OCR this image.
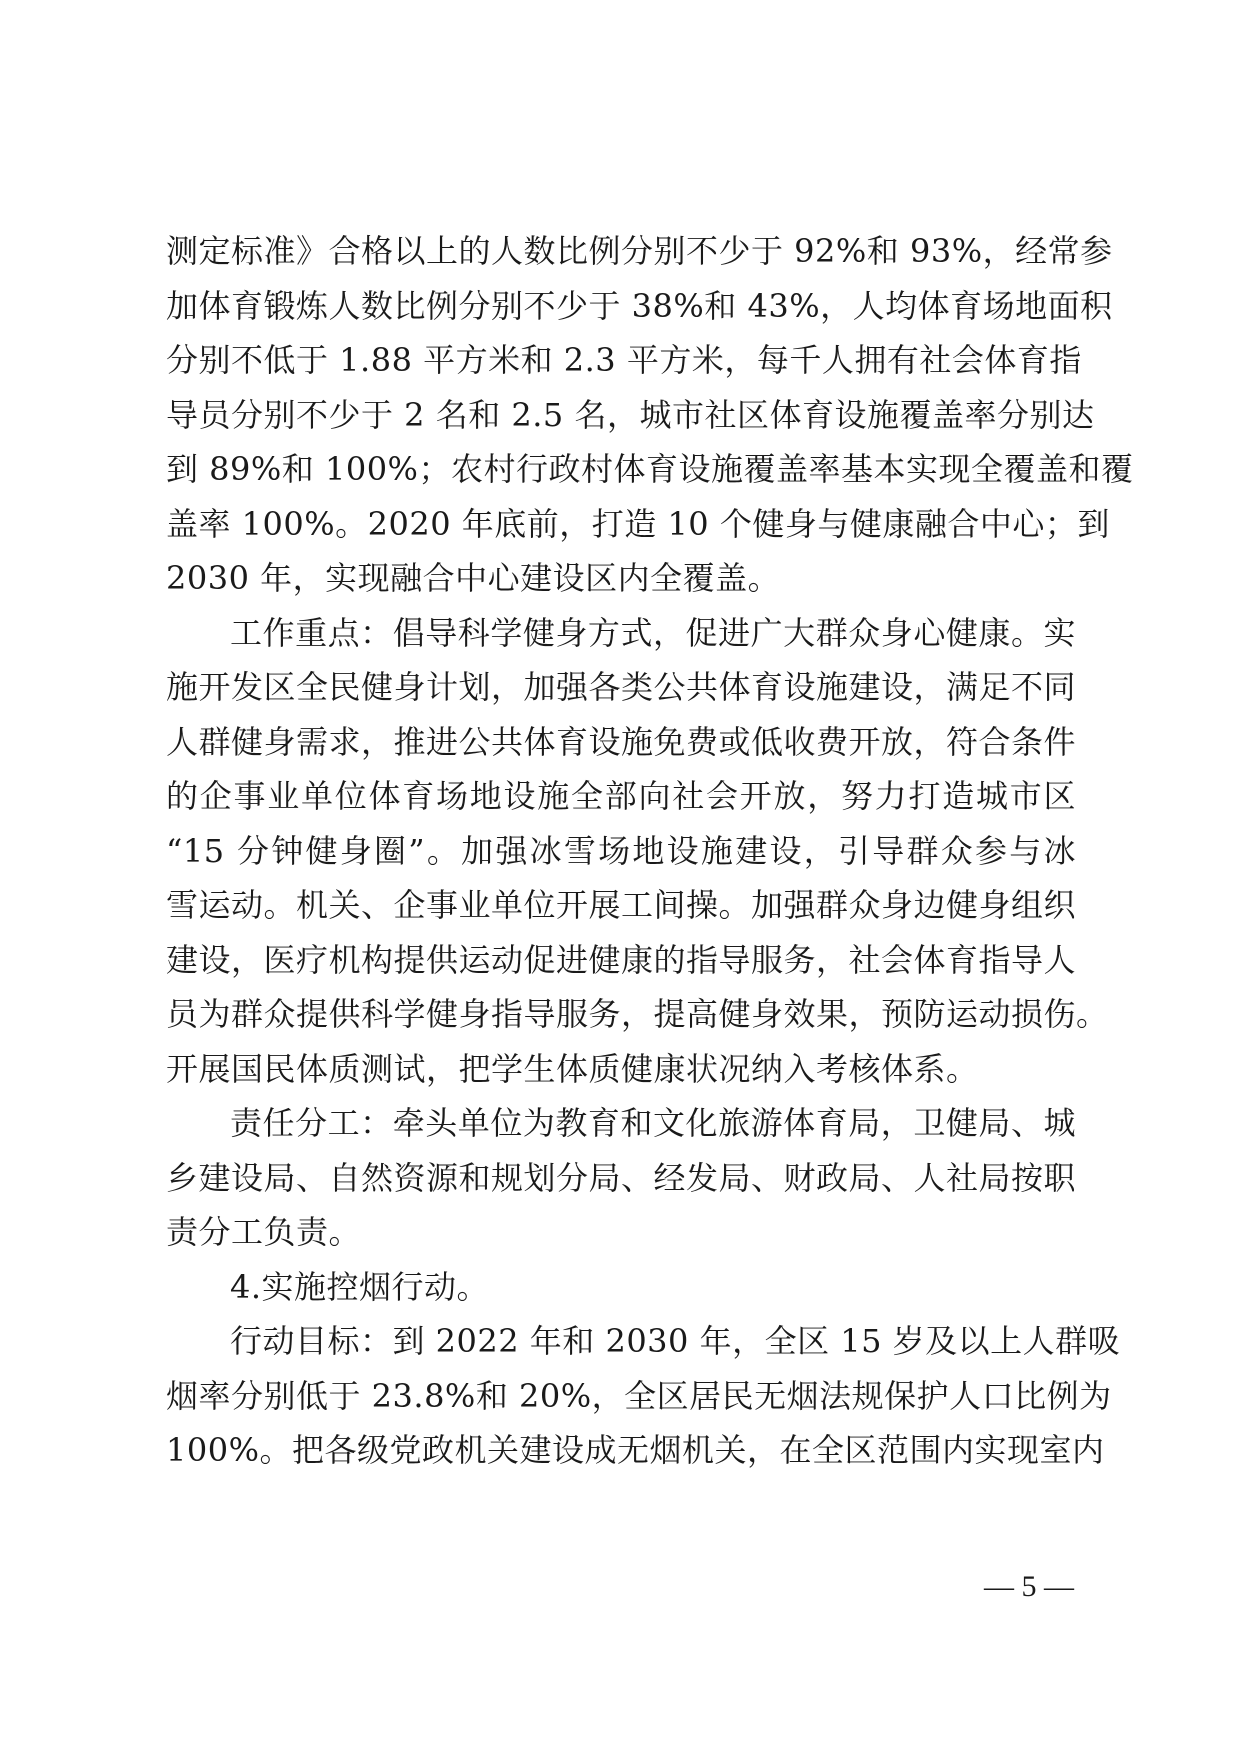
测定标准》合格以上的人数比例分别不少于 92%和 93%，经常参
加体育锻炼人数比例分别不少于 38%和 43%，人均体育场地面积
分别不低于 1.88 平方米和 2.3 平方米，每千人拥有社会体育指
导员分别不少于 2 名和 2.5 名，城市社区体育设施覆盖率分别达
到 89%和 100%；农村行政村体育设施覆盖率基本实现全覆盖和覆
盖率 100%。2020 年底前，打造 10 个健身与健康融合中心；到
2030 年，实现融合中心建设区内全覆盖。
工作重点：倡导科学健身方式，促进广大群众身心健康。实
施开发区全民健身计划，加强各类公共体育设施建设，满足不同
人群健身需求，推进公共体育设施免费或低收费开放，符合条件
的企事业单位体育场地设施全部向社会开放，努力打造城市区
“15 分钟健身圈”。加强冰雪场地设施建设，引导群众参与冰
雪运动。机关、企事业单位开展工间操。加强群众身边健身组织
建设，医疗机构提供运动促进健康的指导服务，社会体育指导人
员为群众提供科学健身指导服务，提高健身效果，预防运动损伤。
开展国民体质测试，把学生体质健康状况纳入考核体系。
责任分工：牵头单位为教育和文化旅游体育局，卫健局、城
乡建设局、自然资源和规划分局、经发局、财政局、人社局按职
责分工负责。
4.实施控烟行动。
行动目标：到 2022 年和 2030 年，全区 15 岁及以上人群吸
烟率分别低于 23.8%和 20%，全区居民无烟法规保护人口比例为
100%。把各级党政机关建设成无烟机关，在全区范围内实现室内
— 5 —
